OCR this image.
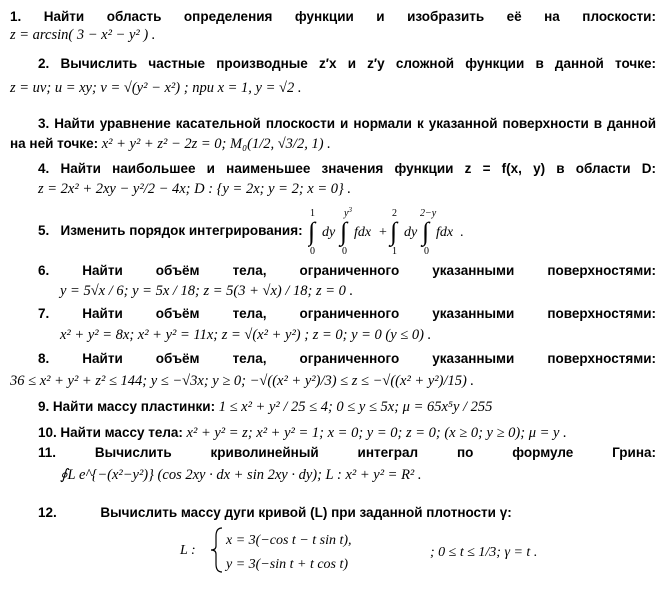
1. Найти область определения функции и изобразить её на плоскости:
z = arcsin( 3 − x² − y² ) .
2. Вычислить частные производные z′x и z′y сложной функции в данной точке:
z = uv; u = xy; v = √(y² − x²) ; при x = 1, y = √2 .
3. Найти уравнение касательной плоскости и нормали к указанной поверхности в данной
на ней точке: x² + y² + z² − 2z = 0; M₀(1/2, √3/2, 1) .
4. Найти наибольшее и наименьшее значения функции z = f(x, y) в области D:
z = 2x² + 2xy − y²/2 − 4x; D : {y = 2x; y = 2; x = 0} .
5. Изменить порядок интегрирования: ∫
1
0
dy ∫
$y^3$
0
fdx + ∫
2
1
dy ∫
2−y
0
fdx .
6. Найти объём тела, ограниченного указанными поверхностями:
y = 5√x / 6; y = 5x / 18; z = 5(3 + √x) / 18; z = 0 .
7. Найти объём тела, ограниченного указанными поверхностями:
x² + y² = 8x; x² + y² = 11x; z = √(x² + y²) ; z = 0; y = 0 (y ≤ 0) .
8. Найти объём тела, ограниченного указанными поверхностями:
36 ≤ x² + y² + z² ≤ 144; y ≤ −√3x; y ≥ 0; −√((x² + y²)/3) ≤ z ≤ −√((x² + y²)/15) .
9. Найти массу пластинки: 1 ≤ x² + y² / 25 ≤ 4; 0 ≤ y ≤ 5x; μ = 65x⁵y / 255
10. Найти массу тела: x² + y² = z; x² + y² = 1; x = 0; y = 0; z = 0; (x ≥ 0; y ≥ 0); μ = y .
11.	Вычислить криволинейный интеграл по формуле Грина:
∮L e^{−(x²−y²)} (cos 2xy · dx + sin 2xy · dy); L : x² + y² = R² .
12.	Вычислить массу дуги кривой (L) при заданной плотности γ:
L :
x = 3(−cos t − t sin t),
y = 3(−sin t + t cos t)
; 0 ≤ t ≤ 1/3; γ = t .
